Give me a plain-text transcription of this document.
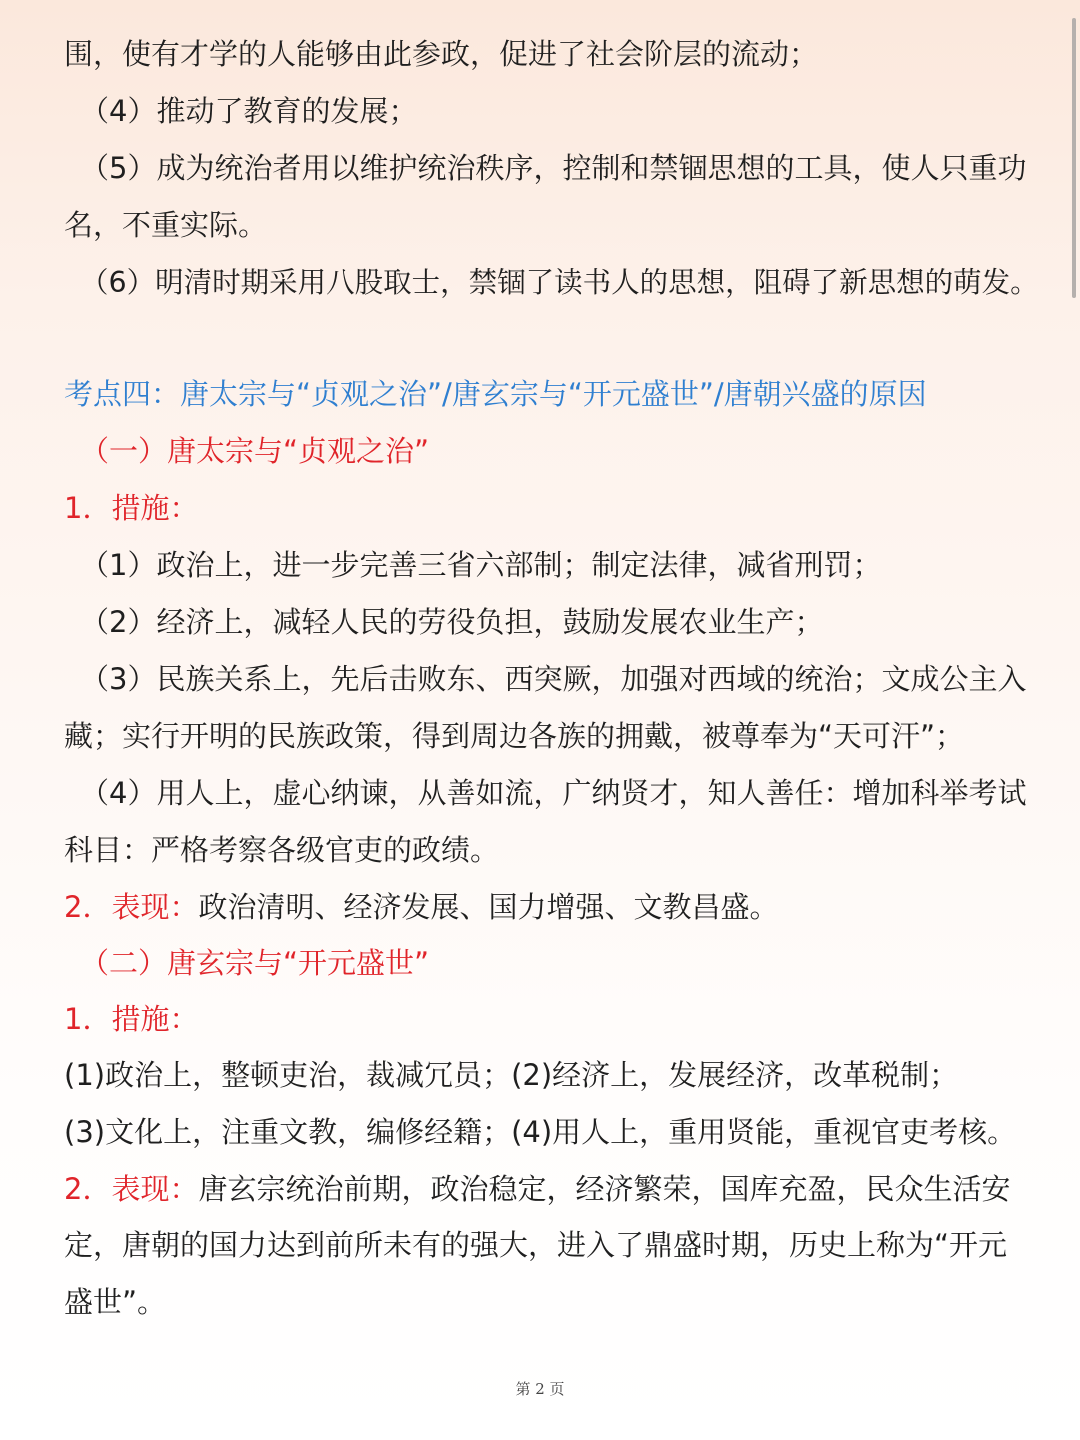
围，使有才学的人能够由此参政，促进了社会阶层的流动；
（4）推动了教育的发展；
（5）成为统治者用以维护统治秩序，控制和禁锢思想的工具，使人只重功
名，不重实际。
（6）明清时期采用八股取士，禁锢了读书人的思想，阻碍了新思想的萌发。
考点四：唐太宗与“贞观之治”/唐玄宗与“开元盛世”/唐朝兴盛的原因
（一）唐太宗与“贞观之治”
1．措施：
（1）政治上，进一步完善三省六部制；制定法律，减省刑罚；
（2）经济上，减轻人民的劳役负担，鼓励发展农业生产；
（3）民族关系上，先后击败东、西突厥，加强对西域的统治；文成公主入
藏；实行开明的民族政策，得到周边各族的拥戴，被尊奉为“天可汗”；
（4）用人上，虚心纳谏，从善如流，广纳贤才，知人善任：增加科举考试
科目：严格考察各级官吏的政绩。
2．表现：政治清明、经济发展、国力增强、文教昌盛。
（二）唐玄宗与“开元盛世”
1．措施：
(1)政治上，整顿吏治，裁减冗员；(2)经济上，发展经济，改革税制；
(3)文化上，注重文教，编修经籍；(4)用人上，重用贤能，重视官吏考核。
2．表现：唐玄宗统治前期，政治稳定，经济繁荣，国库充盈，民众生活安
定，唐朝的国力达到前所未有的强大，进入了鼎盛时期，历史上称为“开元
盛世”。
第 2 页
